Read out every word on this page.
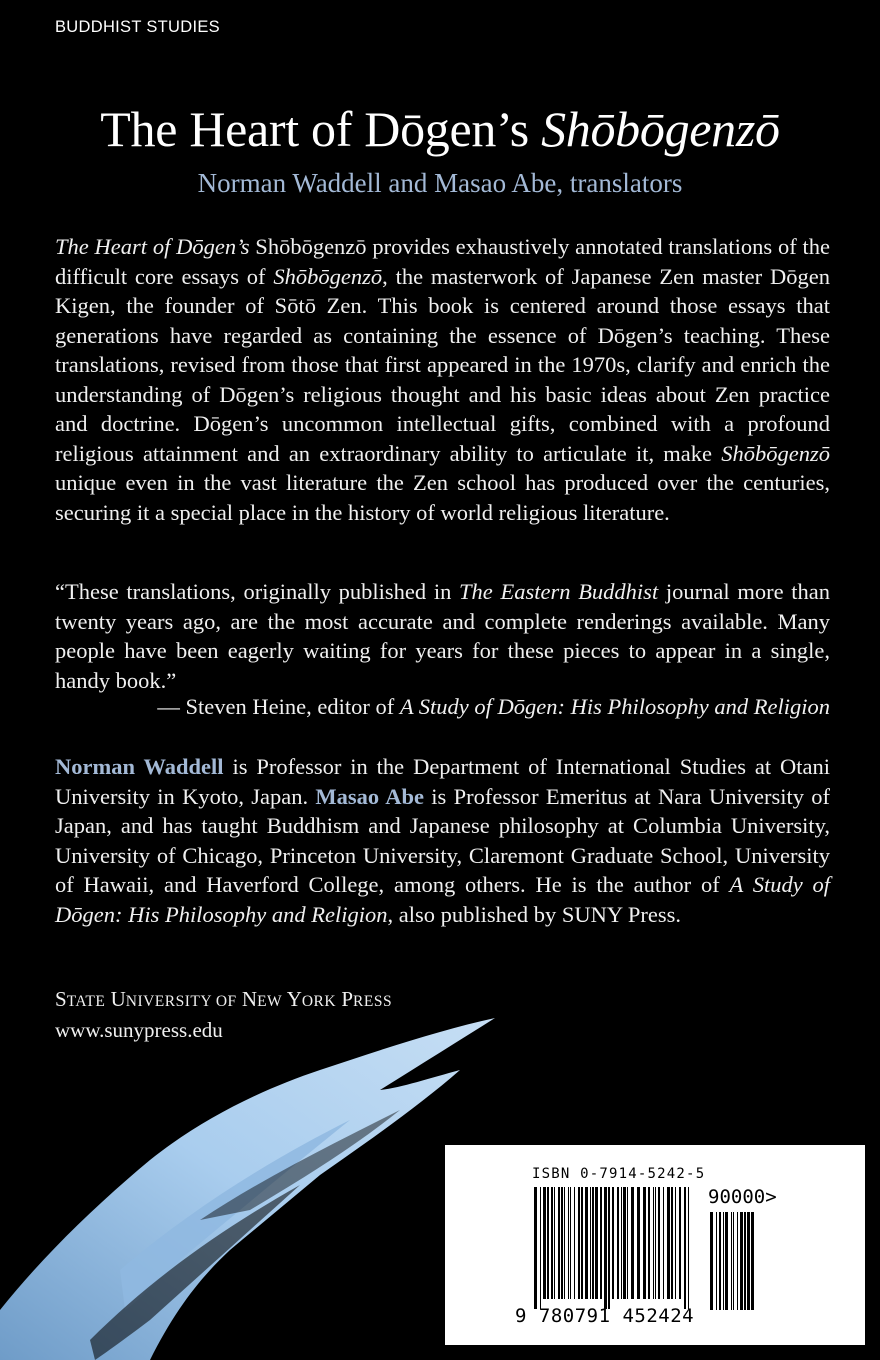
BUDDHIST STUDIES
The Heart of Dōgen’s Shōbōgenzō
Norman Waddell and Masao Abe, translators
The Heart of Dōgen’s Shōbōgenzō provides exhaustively annotated translations of the difficult core essays of Shōbōgenzō, the masterwork of Japanese Zen master Dōgen Kigen, the founder of Sōtō Zen. This book is centered around those essays that generations have regarded as containing the essence of Dōgen’s teaching. These translations, revised from those that first appeared in the 1970s, clarify and enrich the understanding of Dōgen’s religious thought and his basic ideas about Zen practice and doctrine. Dōgen’s uncommon intellectual gifts, combined with a profound religious attainment and an extraordinary ability to articulate it, make Shōbōgenzō unique even in the vast literature the Zen school has produced over the centuries, securing it a special place in the history of world religious literature.
“These translations, originally published in The Eastern Buddhist journal more than twenty years ago, are the most accurate and complete renderings available. Many people have been eagerly waiting for years for these pieces to appear in a single, handy book.”
— Steven Heine, editor of A Study of Dōgen: His Philosophy and Religion
Norman Waddell is Professor in the Department of International Studies at Otani University in Kyoto, Japan. Masao Abe is Professor Emeritus at Nara University of Japan, and has taught Buddhism and Japanese philosophy at Columbia University, University of Chicago, Princeton University, Claremont Graduate School, University of Hawaii, and Haverford College, among others. He is the author of A Study of Dōgen: His Philosophy and Religion, also published by SUNY Press.
STATE UNIVERSITY OF NEW YORK PRESS
www.sunypress.edu
ISBN 0-7914-5242-5
90000>
9 780791 452424
